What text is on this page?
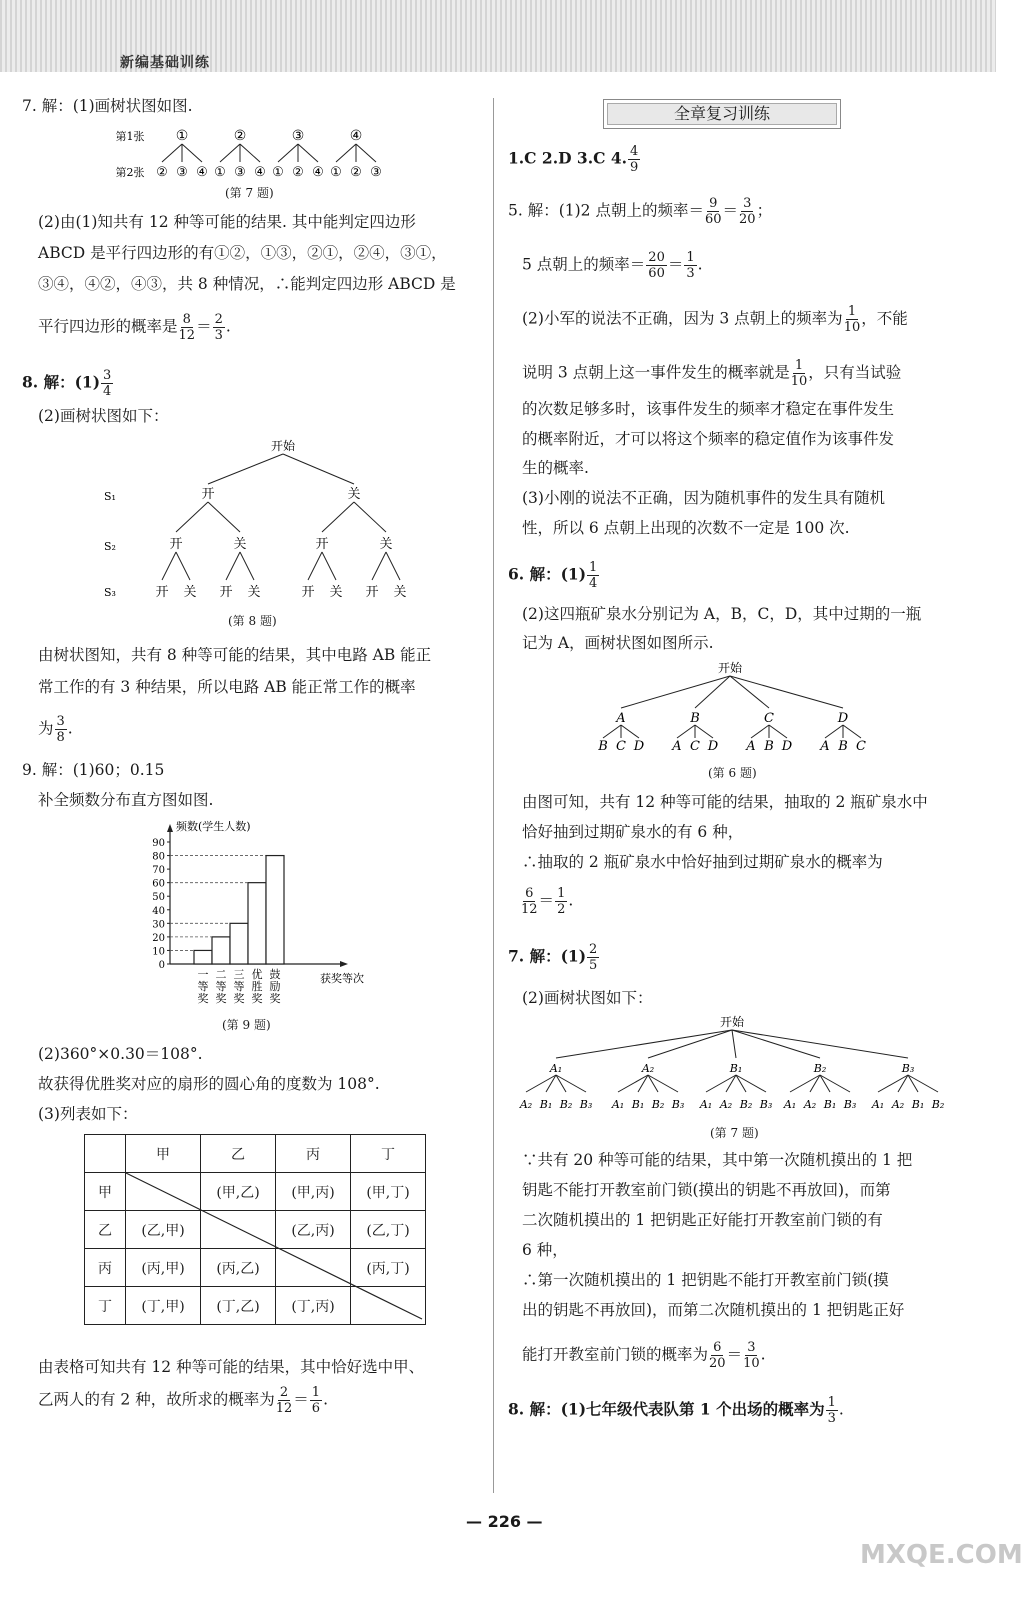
新编基础训练
7. 解：(1)画树状图如图.
第1张
第2张
①
② ③ ④
②
① ③ ④
③
① ② ④
④
① ② ③
(第 7 题)
(2)由(1)知共有 12 种等可能的结果. 其中能判定四边形
ABCD 是平行四边形的有①②，①③，②①，②④，③①，
③④，④②，④③，共 8 种情况，∴能判定四边形 ABCD 是
平行四边形的概率是 $\frac{8}{12} = \frac{2}{3}$ .
8. 解：$(1) \frac{3}{4}$
(2)画树状图如下：
S₁
S₂
S₃
开始
开
开
开 关
关
开 关
关
开
开 关
关
开 关
(第 8 题)
由树状图知，共有 8 种等可能的结果，其中电路 AB 能正
常工作的有 3 种结果，所以电路 AB 能正常工作的概率
为 $\frac{3}{8}$ .
9. 解：(1)60；0.15
补全频数分布直方图如图.
频数(学生人数)
获奖等次
0
10
20
30
40
50
60
70
80
90
一
等
奖
二
等
奖
三
等
奖
优
胜
奖
鼓
励
奖
(第 9 题)
(2)360°×0.30＝108°.
故获得优胜奖对应的扇形的圆心角的度数为 108°.
(3)列表如下：
	甲	乙	丙	丁
甲		(甲,乙)	(甲,丙)	(甲,丁)
乙	(乙,甲)		(乙,丙)	(乙,丁)
丙	(丙,甲)	(丙,乙)		(丙,丁)
丁	(丁,甲)	(丁,乙)	(丁,丙)	
由表格可知共有 12 种等可能的结果，其中恰好选中甲、
乙两人的有 2 种，故所求的概率为 $\frac{2}{12} = \frac{1}{6}$ .
全章复习训练
1.C 2.D 3.C 4. $\frac{4}{9}$
5. 解：(1)2 点朝上的频率＝ $\frac{9}{60} = \frac{3}{20}$ ；
5 点朝上的频率＝ $\frac{20}{60} = \frac{1}{3}$ .
(2)小军的说法不正确，因为 3 点朝上的频率为 $\frac{1}{10}$ ，不能
说明 3 点朝上这一事件发生的概率就是 $\frac{1}{10}$ ，只有当试验
的次数足够多时，该事件发生的频率才稳定在事件发生
的概率附近，才可以将这个频率的稳定值作为该事件发
生的概率.
(3)小刚的说法不正确，因为随机事件的发生具有随机
性，所以 6 点朝上出现的次数不一定是 100 次.
6. 解：$(1) \frac{1}{4}$
(2)这四瓶矿泉水分别记为 A，B，C，D，其中过期的一瓶
记为 A，画树状图如图所示.
开始
A
B C D
B
A C D
C
A B D
D
A B C
(第 6 题)
由图可知，共有 12 种等可能的结果，抽取的 2 瓶矿泉水中
恰好抽到过期矿泉水的有 6 种，
∴抽取的 2 瓶矿泉水中恰好抽到过期矿泉水的概率为
$\frac{6}{12} = \frac{1}{2}$ .
7. 解：$(1) \frac{2}{5}$
(2)画树状图如下：
开始
A₁
A₂ B₁ B₂ B₃
A₂
A₁ B₁ B₂ B₃
B₁
A₁ A₂ B₂ B₃
B₂
A₁ A₂ B₁ B₃
B₃
A₁ A₂ B₁ B₂
(第 7 题)
∵共有 20 种等可能的结果，其中第一次随机摸出的 1 把
钥匙不能打开教室前门锁(摸出的钥匙不再放回)，而第
二次随机摸出的 1 把钥匙正好能打开教室前门锁的有
6 种，
∴第一次随机摸出的 1 把钥匙不能打开教室前门锁(摸
出的钥匙不再放回)，而第二次随机摸出的 1 把钥匙正好
能打开教室前门锁的概率为 $\frac{6}{20} = \frac{3}{10}$ .
8. 解：(1)七年级代表队第 1 个出场的概率为 $\frac{1}{3}$ .
— 226 —
MXQE.COM
